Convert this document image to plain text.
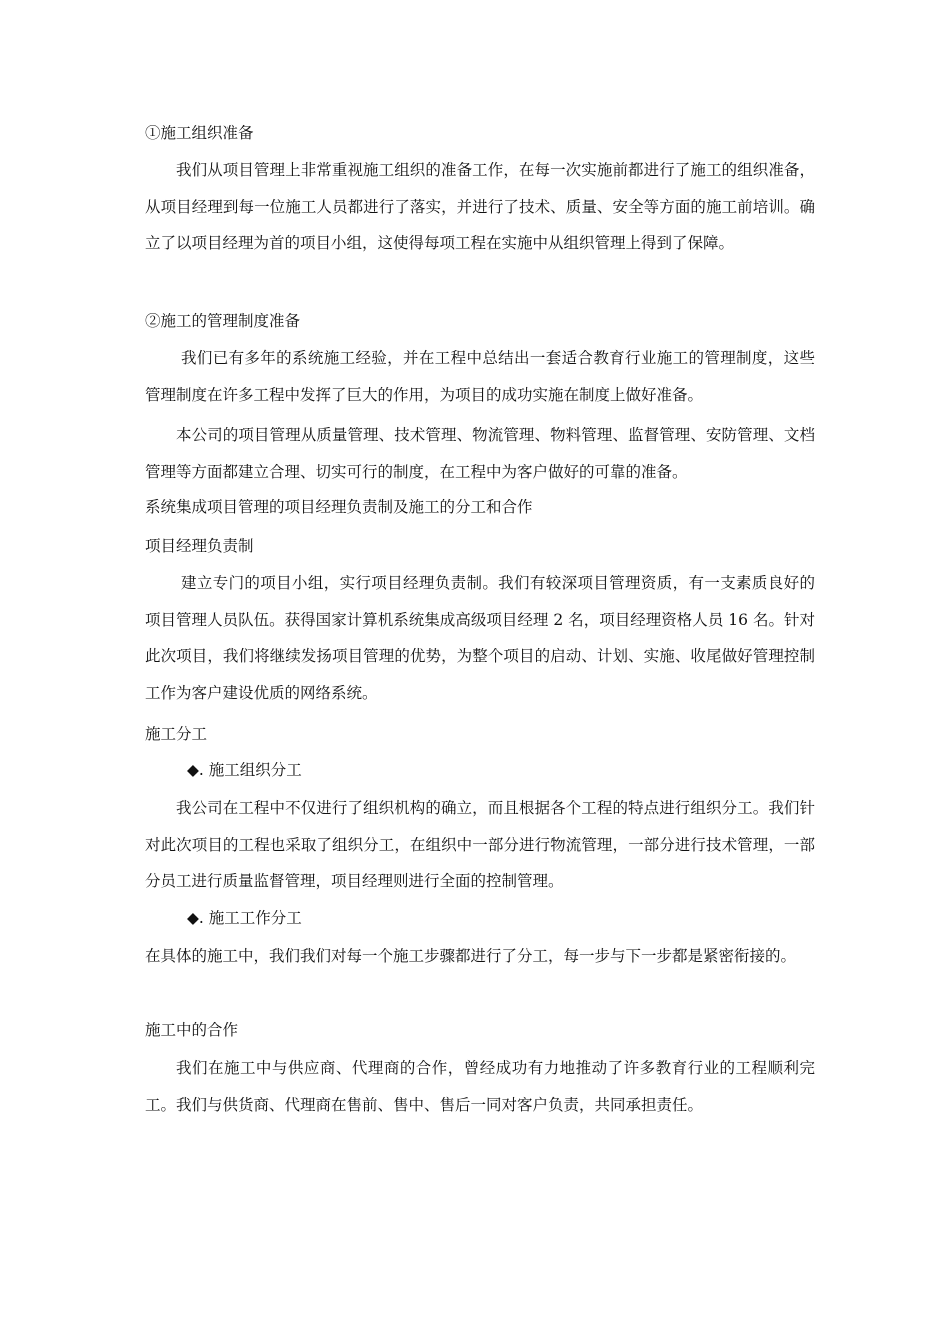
①施工组织准备

我们从项目管理上非常重视施工组织的准备工作，在每一次实施前都进行了施工的组织准备，从项目经理到每一位施工人员都进行了落实，并进行了技术、质量、安全等方面的施工前培训。确立了以项目经理为首的项目小组，这使得每项工程在实施中从组织管理上得到了保障。

②施工的管理制度准备

我们已有多年的系统施工经验，并在工程中总结出一套适合教育行业施工的管理制度，这些管理制度在许多工程中发挥了巨大的作用，为项目的成功实施在制度上做好准备。

本公司的项目管理从质量管理、技术管理、物流管理、物料管理、监督管理、安防管理、文档管理等方面都建立合理、切实可行的制度，在工程中为客户做好的可靠的准备。

系统集成项目管理的项目经理负责制及施工的分工和合作

项目经理负责制

建立专门的项目小组，实行项目经理负责制。我们有较深项目管理资质，有一支素质良好的项目管理人员队伍。获得国家计算机系统集成高级项目经理 2 名，项目经理资格人员 16 名。针对此次项目，我们将继续发扬项目管理的优势，为整个项目的启动、计划、实施、收尾做好管理控制工作为客户建设优质的网络系统。

施工分工

◆. 施工组织分工

我公司在工程中不仅进行了组织机构的确立，而且根据各个工程的特点进行组织分工。我们针对此次项目的工程也采取了组织分工，在组织中一部分进行物流管理，一部分进行技术管理，一部分员工进行质量监督管理，项目经理则进行全面的控制管理。

◆. 施工工作分工

在具体的施工中，我们我们对每一个施工步骤都进行了分工，每一步与下一步都是紧密衔接的。

施工中的合作

我们在施工中与供应商、代理商的合作，曾经成功有力地推动了许多教育行业的工程顺利完工。我们与供货商、代理商在售前、售中、售后一同对客户负责，共同承担责任。
